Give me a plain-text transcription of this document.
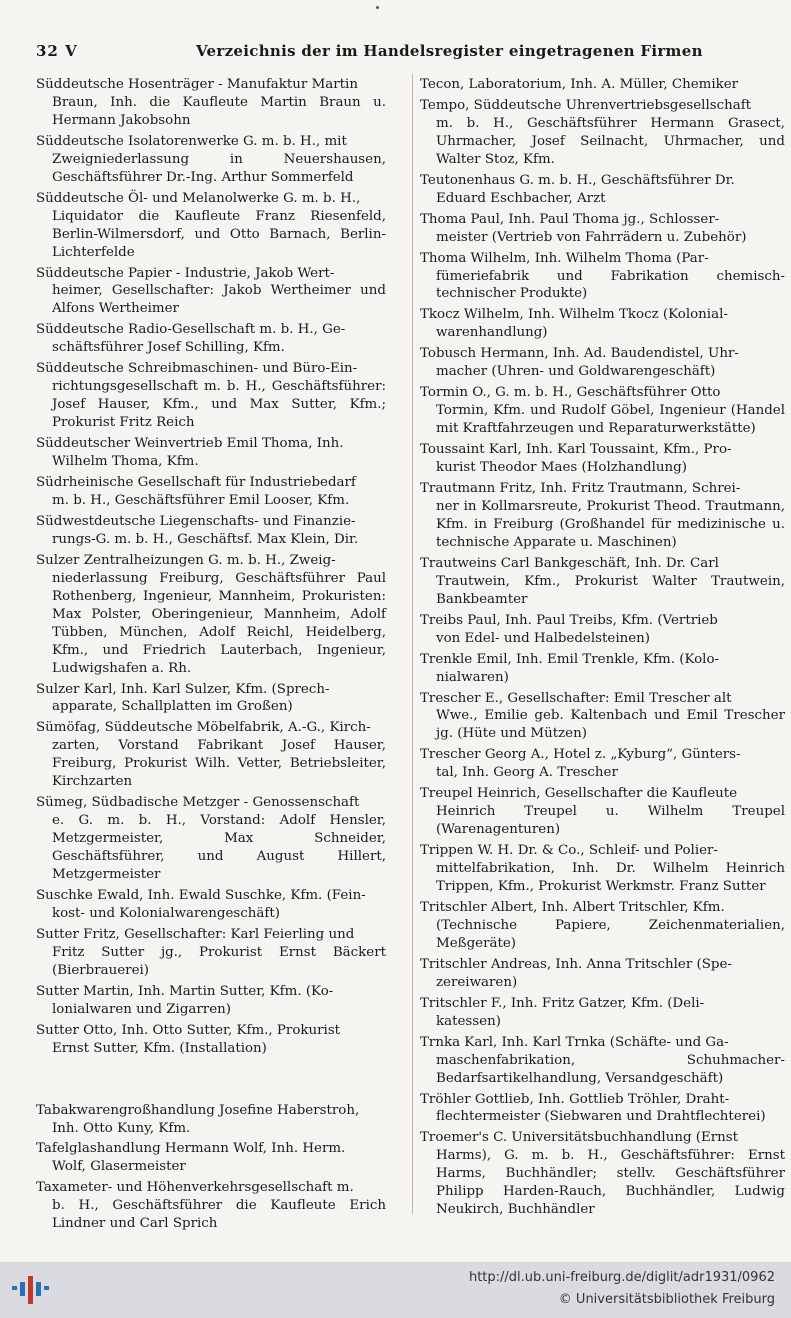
32 V	Verzeichnis der im Handelsregister eingetragenen Firmen
Süddeutsche Hosenträger - Manufaktur Martin
Braun, Inh. die Kaufleute Martin Braun u. Hermann Jakobsohn
Süddeutsche Isolatorenwerke G. m. b. H., mit
Zweigniederlassung in Neuershausen, Geschäftsführer Dr.-Ing. Arthur Sommerfeld
Süddeutsche Öl- und Melanolwerke G. m. b. H.,
Liquidator die Kaufleute Franz Riesenfeld, Berlin-Wilmersdorf, und Otto Barnach, Berlin-Lichterfelde
Süddeutsche Papier - Industrie, Jakob Wert-
heimer, Gesellschafter: Jakob Wertheimer und Alfons Wertheimer
Süddeutsche Radio-Gesellschaft m. b. H., Ge-
schäftsführer Josef Schilling, Kfm.
Süddeutsche Schreibmaschinen- und Büro-Ein-
richtungsgesellschaft m. b. H., Geschäftsführer: Josef Hauser, Kfm., und Max Sutter, Kfm.; Prokurist Fritz Reich
Süddeutscher Weinvertrieb Emil Thoma, Inh.
Wilhelm Thoma, Kfm.
Südrheinische Gesellschaft für Industriebedarf
m. b. H., Geschäftsführer Emil Looser, Kfm.
Südwestdeutsche Liegenschafts- und Finanzie-
rungs-G. m. b. H., Geschäftsf. Max Klein, Dir.
Sulzer Zentralheizungen G. m. b. H., Zweig-
niederlassung Freiburg, Geschäftsführer Paul Rothenberg, Ingenieur, Mannheim, Prokuristen: Max Polster, Oberingenieur, Mannheim, Adolf Tübben, München, Adolf Reichl, Heidelberg, Kfm., und Friedrich Lauterbach, Ingenieur, Ludwigshafen a. Rh.
Sulzer Karl, Inh. Karl Sulzer, Kfm. (Sprech-
apparate, Schallplatten im Großen)
Sümöfag, Süddeutsche Möbelfabrik, A.-G., Kirch-
zarten, Vorstand Fabrikant Josef Hauser, Freiburg, Prokurist Wilh. Vetter, Betriebsleiter, Kirchzarten
Sümeg, Südbadische Metzger - Genossenschaft
e. G. m. b. H., Vorstand: Adolf Hensler, Metzgermeister, Max Schneider, Geschäftsführer, und August Hillert, Metzgermeister
Suschke Ewald, Inh. Ewald Suschke, Kfm. (Fein-
kost- und Kolonialwarengeschäft)
Sutter Fritz, Gesellschafter: Karl Feierling und
Fritz Sutter jg., Prokurist Ernst Bäckert (Bierbrauerei)
Sutter Martin, Inh. Martin Sutter, Kfm. (Ko-
lonialwaren und Zigarren)
Sutter Otto, Inh. Otto Sutter, Kfm., Prokurist
Ernst Sutter, Kfm. (Installation)
Tabakwarengroßhandlung Josefine Haberstroh,
Inh. Otto Kuny, Kfm.
Tafelglashandlung Hermann Wolf, Inh. Herm.
Wolf, Glasermeister
Taxameter- und Höhenverkehrsgesellschaft m.
b. H., Geschäftsführer die Kaufleute Erich Lindner und Carl Sprich
Tecon, Laboratorium, Inh. A. Müller, Chemiker
Tempo, Süddeutsche Uhrenvertriebsgesellschaft
m. b. H., Geschäftsführer Hermann Grasect, Uhrmacher, Josef Seilnacht, Uhrmacher, und Walter Stoz, Kfm.
Teutonenhaus G. m. b. H., Geschäftsführer Dr.
Eduard Eschbacher, Arzt
Thoma Paul, Inh. Paul Thoma jg., Schlosser-
meister (Vertrieb von Fahrrädern u. Zubehör)
Thoma Wilhelm, Inh. Wilhelm Thoma (Par-
fümeriefabrik und Fabrikation chemisch-technischer Produkte)
Tkocz Wilhelm, Inh. Wilhelm Tkocz (Kolonial-
warenhandlung)
Tobusch Hermann, Inh. Ad. Baudendistel, Uhr-
macher (Uhren- und Goldwarengeschäft)
Tormin O., G. m. b. H., Geschäftsführer Otto
Tormin, Kfm. und Rudolf Göbel, Ingenieur (Handel mit Kraftfahrzeugen und Reparaturwerkstätte)
Toussaint Karl, Inh. Karl Toussaint, Kfm., Pro-
kurist Theodor Maes (Holzhandlung)
Trautmann Fritz, Inh. Fritz Trautmann, Schrei-
ner in Kollmarsreute, Prokurist Theod. Trautmann, Kfm. in Freiburg (Großhandel für medizinische u. technische Apparate u. Maschinen)
Trautweins Carl Bankgeschäft, Inh. Dr. Carl
Trautwein, Kfm., Prokurist Walter Trautwein, Bankbeamter
Treibs Paul, Inh. Paul Treibs, Kfm. (Vertrieb
von Edel- und Halbedelsteinen)
Trenkle Emil, Inh. Emil Trenkle, Kfm. (Kolo-
nialwaren)
Trescher E., Gesellschafter: Emil Trescher alt
Wwe., Emilie geb. Kaltenbach und Emil Trescher jg. (Hüte und Mützen)
Trescher Georg A., Hotel z. „Kyburg“, Günters-
tal, Inh. Georg A. Trescher
Treupel Heinrich, Gesellschafter die Kaufleute
Heinrich Treupel u. Wilhelm Treupel (Warenagenturen)
Trippen W. H. Dr. & Co., Schleif- und Polier-
mittelfabrikation, Inh. Dr. Wilhelm Heinrich Trippen, Kfm., Prokurist Werkmstr. Franz Sutter
Tritschler Albert, Inh. Albert Tritschler, Kfm.
(Technische Papiere, Zeichenmaterialien, Meßgeräte)
Tritschler Andreas, Inh. Anna Tritschler (Spe-
zereiwaren)
Tritschler F., Inh. Fritz Gatzer, Kfm. (Deli-
katessen)
Trnka Karl, Inh. Karl Trnka (Schäfte- und Ga-
maschenfabrikation, Schuhmacher-Bedarfsartikelhandlung, Versandgeschäft)
Tröhler Gottlieb, Inh. Gottlieb Tröhler, Draht-
flechtermeister (Siebwaren und Drahtflechterei)
Troemer's C. Universitätsbuchhandlung (Ernst
Harms), G. m. b. H., Geschäftsführer: Ernst Harms, Buchhändler; stellv. Geschäftsführer Philipp Harden-Rauch, Buchhändler, Ludwig Neukirch, Buchhändler
http://dl.ub.uni-freiburg.de/diglit/adr1931/0962
© Universitätsbibliothek Freiburg
